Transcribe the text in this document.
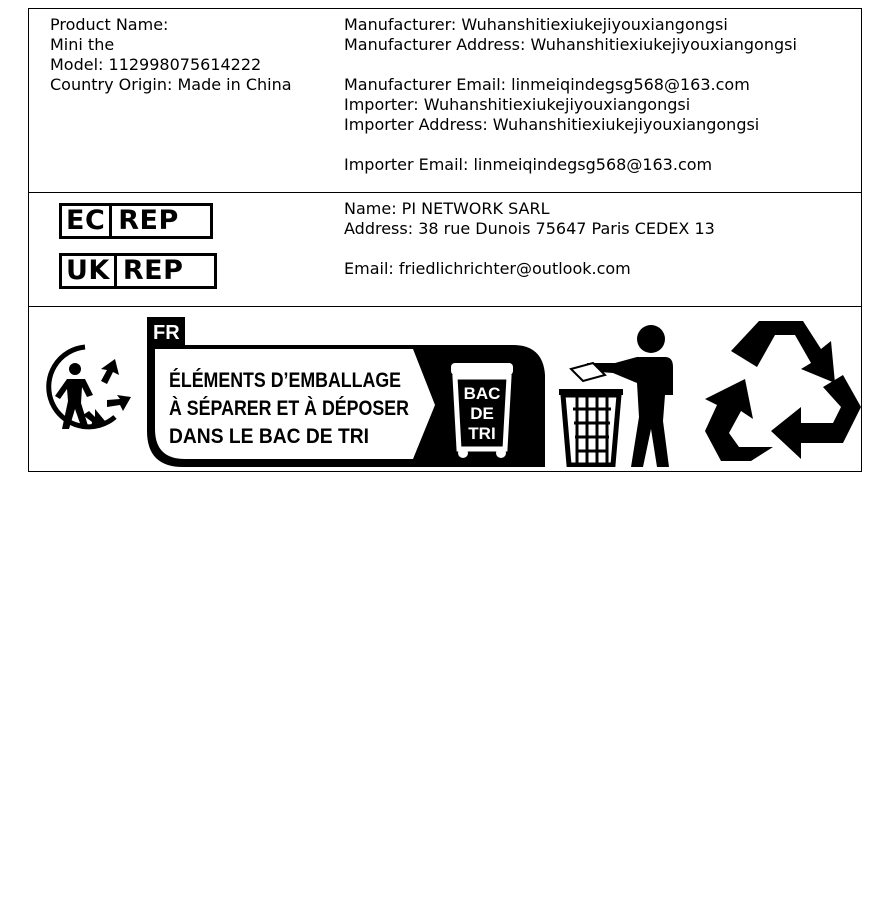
Product Name:
Mini the
Model: 112998075614222
Country Origin: Made in China
Manufacturer: Wuhanshitiexiukejiyouxiangongsi
Manufacturer Address: Wuhanshitiexiukejiyouxiangongsi
Manufacturer Email: linmeiqindegsg568@163.com
Importer: Wuhanshitiexiukejiyouxiangongsi
Importer Address: Wuhanshitiexiukejiyouxiangongsi
Importer Email: linmeiqindegsg568@163.com
EC REP
UK REP
Name: PI NETWORK SARL
Address: 38 rue Dunois 75647 Paris CEDEX 13
Email: friedlichrichter@outlook.com
FR
ÉLÉMENTS D’EMBALLAGE
À SÉPARER ET À DÉPOSER
DANS LE BAC DE TRI
BAC
DE
TRI
